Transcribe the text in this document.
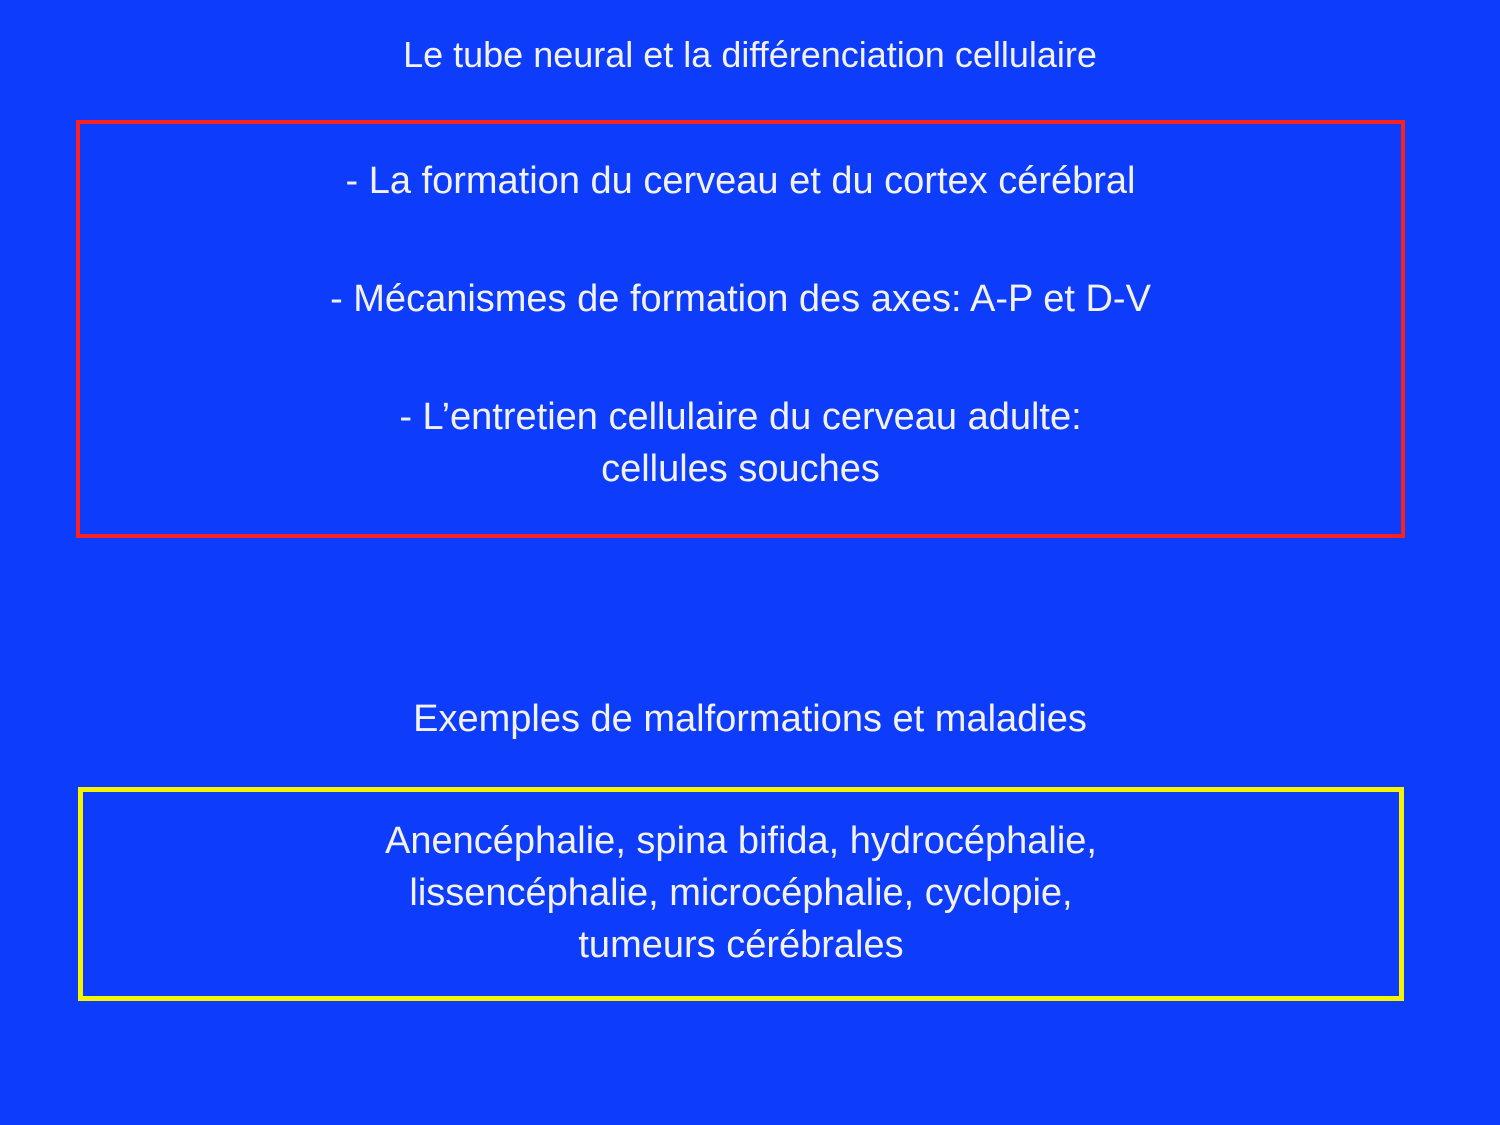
Le tube neural et la différenciation cellulaire
- La formation du cerveau et du cortex cérébral
- Mécanismes de formation des axes: A-P et D-V
- L’entretien cellulaire du cerveau adulte:
cellules souches
Exemples de malformations et maladies
Anencéphalie, spina bifida, hydrocéphalie,
lissencéphalie, microcéphalie, cyclopie,
tumeurs cérébrales
